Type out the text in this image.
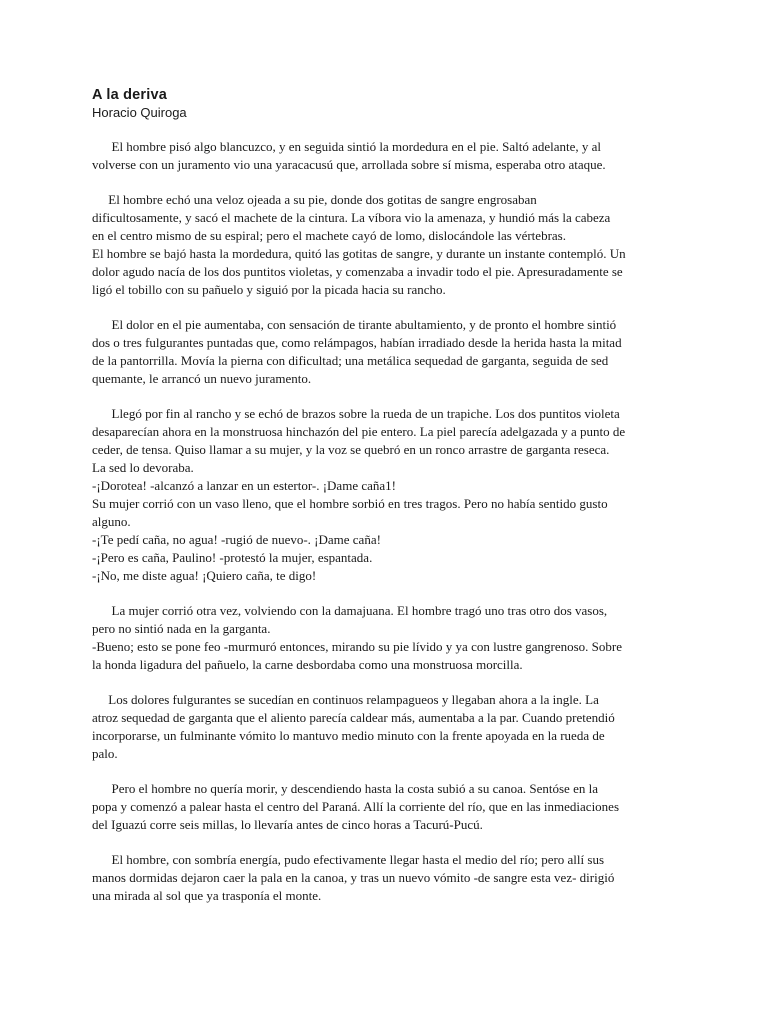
A la deriva
Horacio Quiroga

El hombre pisó algo blancuzco, y en seguida sintió la mordedura en el pie. Saltó adelante, y al
volverse con un juramento vio una yaracacusú que, arrollada sobre sí misma, esperaba otro ataque.

El hombre echó una veloz ojeada a su pie, donde dos gotitas de sangre engrosaban
dificultosamente, y sacó el machete de la cintura. La víbora vio la amenaza, y hundió más la cabeza
en el centro mismo de su espiral; pero el machete cayó de lomo, dislocándole las vértebras.
El hombre se bajó hasta la mordedura, quitó las gotitas de sangre, y durante un instante contempló. Un
dolor agudo nacía de los dos puntitos violetas, y comenzaba a invadir todo el pie. Apresuradamente se
ligó el tobillo con su pañuelo y siguió por la picada hacia su rancho.

El dolor en el pie aumentaba, con sensación de tirante abultamiento, y de pronto el hombre sintió
dos o tres fulgurantes puntadas que, como relámpagos, habían irradiado desde la herida hasta la mitad
de la pantorrilla. Movía la pierna con dificultad; una metálica sequedad de garganta, seguida de sed
quemante, le arrancó un nuevo juramento.

Llegó por fin al rancho y se echó de brazos sobre la rueda de un trapiche. Los dos puntitos violeta
desaparecían ahora en la monstruosa hinchazón del pie entero. La piel parecía adelgazada y a punto de
ceder, de tensa. Quiso llamar a su mujer, y la voz se quebró en un ronco arrastre de garganta reseca.
La sed lo devoraba.
-¡Dorotea! -alcanzó a lanzar en un estertor-. ¡Dame caña1!
Su mujer corrió con un vaso lleno, que el hombre sorbió en tres tragos. Pero no había sentido gusto
alguno.
-¡Te pedí caña, no agua! -rugió de nuevo-. ¡Dame caña!
-¡Pero es caña, Paulino! -protestó la mujer, espantada.
-¡No, me diste agua! ¡Quiero caña, te digo!

La mujer corrió otra vez, volviendo con la damajuana. El hombre tragó uno tras otro dos vasos,
pero no sintió nada en la garganta.
-Bueno; esto se pone feo -murmuró entonces, mirando su pie lívido y ya con lustre gangrenoso. Sobre
la honda ligadura del pañuelo, la carne desbordaba como una monstruosa morcilla.

Los dolores fulgurantes se sucedían en continuos relampagueos y llegaban ahora a la ingle. La
atroz sequedad de garganta que el aliento parecía caldear más, aumentaba a la par. Cuando pretendió
incorporarse, un fulminante vómito lo mantuvo medio minuto con la frente apoyada en la rueda de
palo.

Pero el hombre no quería morir, y descendiendo hasta la costa subió a su canoa. Sentóse en la
popa y comenzó a palear hasta el centro del Paraná. Allí la corriente del río, que en las inmediaciones
del Iguazú corre seis millas, lo llevaría antes de cinco horas a Tacurú-Pucú.

El hombre, con sombría energía, pudo efectivamente llegar hasta el medio del río; pero allí sus
manos dormidas dejaron caer la pala en la canoa, y tras un nuevo vómito -de sangre esta vez- dirigió
una mirada al sol que ya trasponía el monte.
